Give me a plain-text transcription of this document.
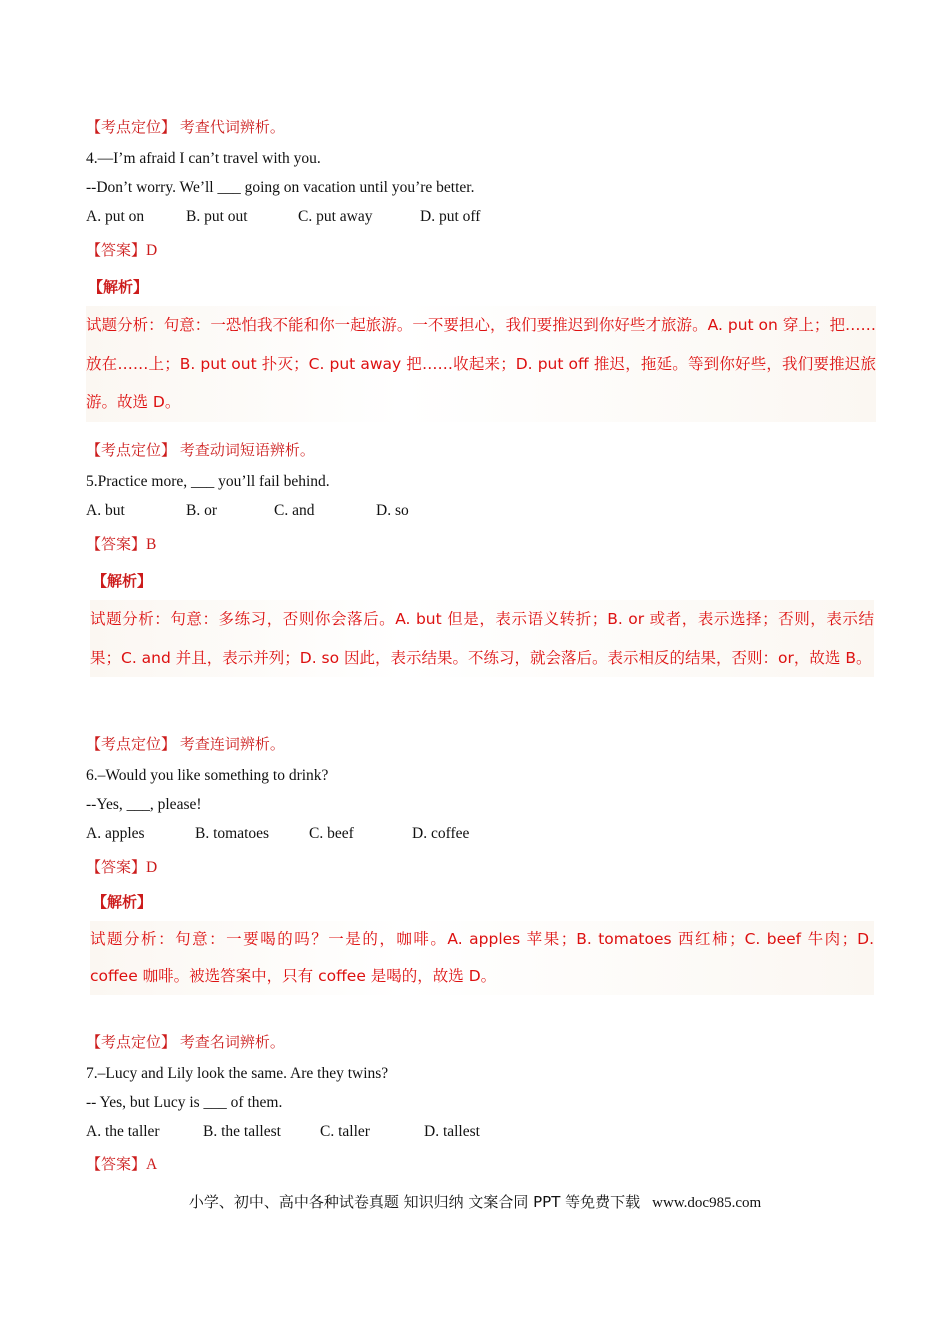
【考点定位】 考查代词辨析。
4.—I’m afraid I can’t travel with you.
--Don’t worry. We’ll ___ going on vacation until you’re better.
A. put on	B. put out	C. put away	D. put off
【答案】D
【解析】
试题分析：句意：一恐怕我不能和你一起旅游。一不要担心，我们要推迟到你好些才旅游。A. put on 穿上；把……放在……上；B. put out 扑灭；C. put away 把……收起来；D. put off 推迟，拖延。等到你好些，我们要推迟旅游。故选 D。
【考点定位】 考查动词短语辨析。
5.Practice more, ___ you’ll fail behind.
A. but	B. or	C. and	D. so
【答案】B
【解析】
试题分析：句意：多练习，否则你会落后。A. but 但是，表示语义转折；B. or 或者，表示选择；否则，表示结果；C. and 并且，表示并列；D. so 因此，表示结果。不练习，就会落后。表示相反的结果，否则：or，故选 B。
【考点定位】 考查连词辨析。
6.–Would you like something to drink?
--Yes, ___, please!
A. apples	B. tomatoes	C. beef	D. coffee
【答案】D
【解析】
试题分析：句意：一要喝的吗？一是的，咖啡。A. apples 苹果；B. tomatoes 西红柿；C. beef 牛肉；D. coffee 咖啡。被选答案中，只有 coffee 是喝的，故选 D。
【考点定位】 考查名词辨析。
7.–Lucy and Lily look the same. Are they twins?
-- Yes, but Lucy is ___ of them.
A. the taller	B. the tallest	C. taller	D. tallest
【答案】A
小学、初中、高中各种试卷真题 知识归纳 文案合同 PPT 等免费下载 www.doc985.com
